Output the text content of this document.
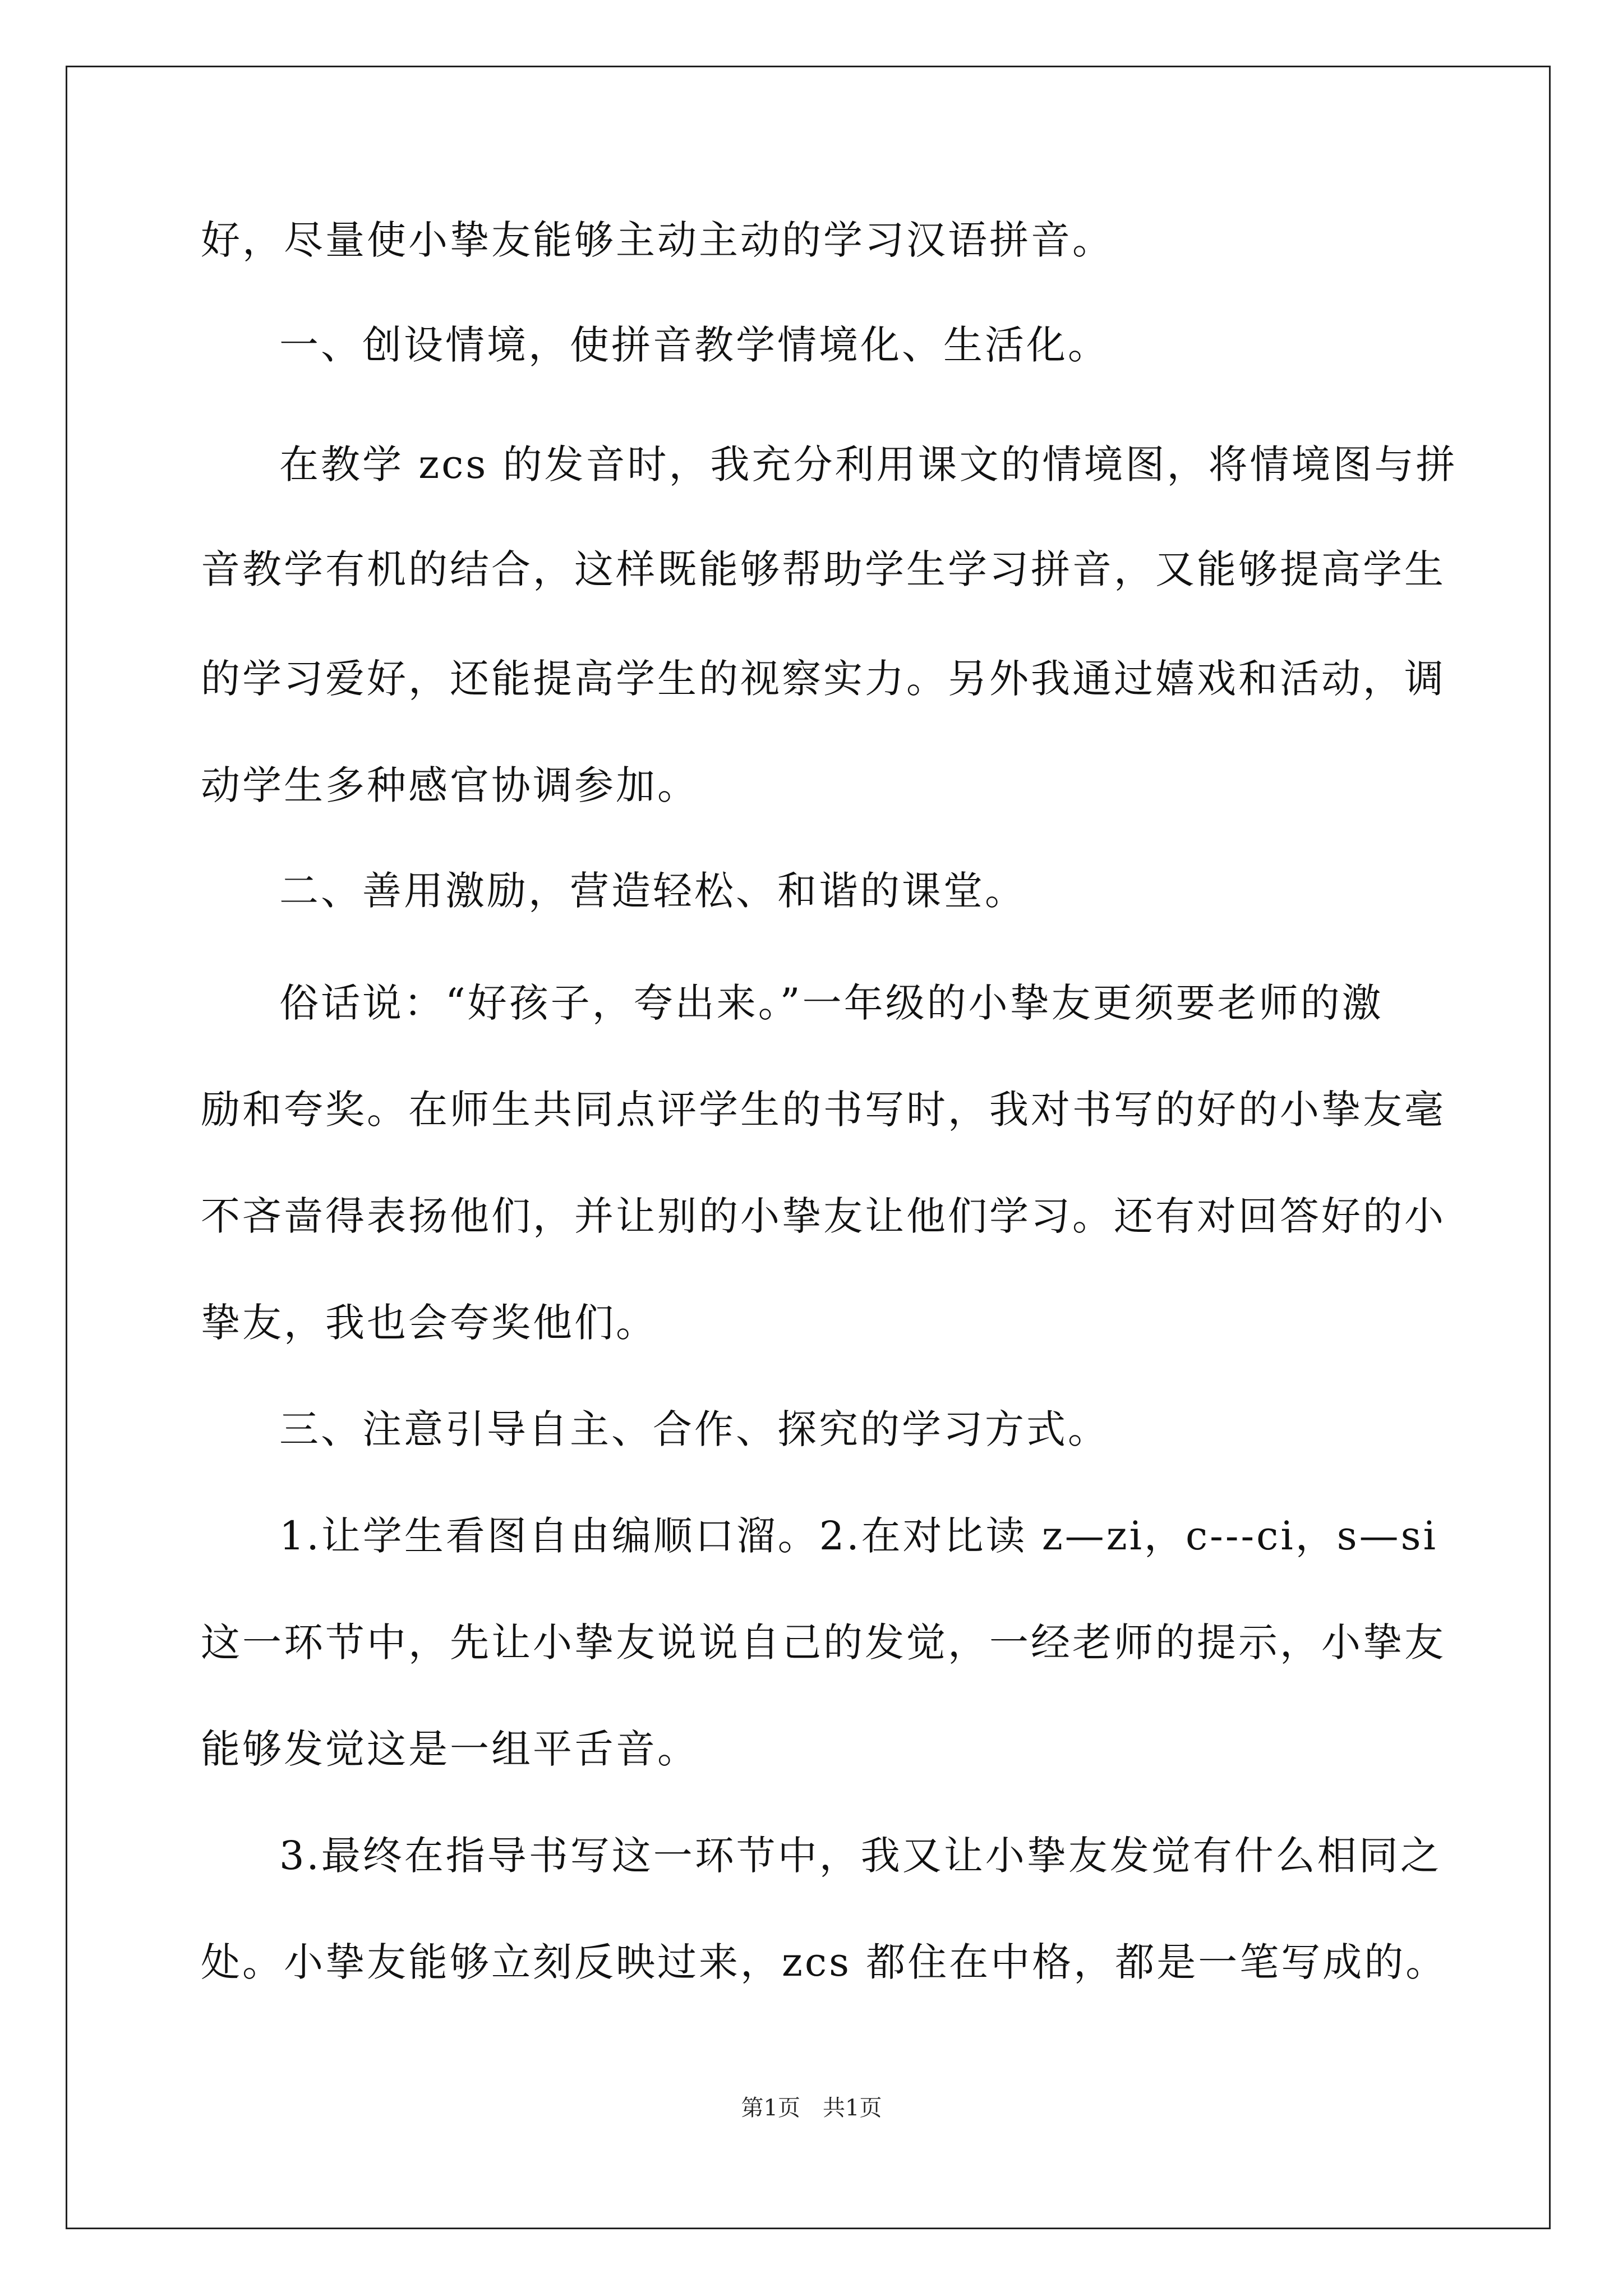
好，尽量使小挚友能够主动主动的学习汉语拼音。
一、创设情境，使拼音教学情境化、生活化。
在教学 zcs 的发音时，我充分利用课文的情境图，将情境图与拼
音教学有机的结合，这样既能够帮助学生学习拼音，又能够提高学生
的学习爱好，还能提高学生的视察实力。另外我通过嬉戏和活动，调
动学生多种感官协调参加。
二、善用激励，营造轻松、和谐的课堂。
俗话说：“好孩子，夸出来。”一年级的小挚友更须要老师的激
励和夸奖。在师生共同点评学生的书写时，我对书写的好的小挚友毫
不吝啬得表扬他们，并让别的小挚友让他们学习。还有对回答好的小
挚友，我也会夸奖他们。
三、注意引导自主、合作、探究的学习方式。
1.让学生看图自由编顺口溜。2.在对比读 z—zi，c---ci，s—si
这一环节中，先让小挚友说说自己的发觉，一经老师的提示，小挚友
能够发觉这是一组平舌音。
3.最终在指导书写这一环节中，我又让小挚友发觉有什么相同之
处。小挚友能够立刻反映过来，zcs 都住在中格，都是一笔写成的。
第1页　共1页
